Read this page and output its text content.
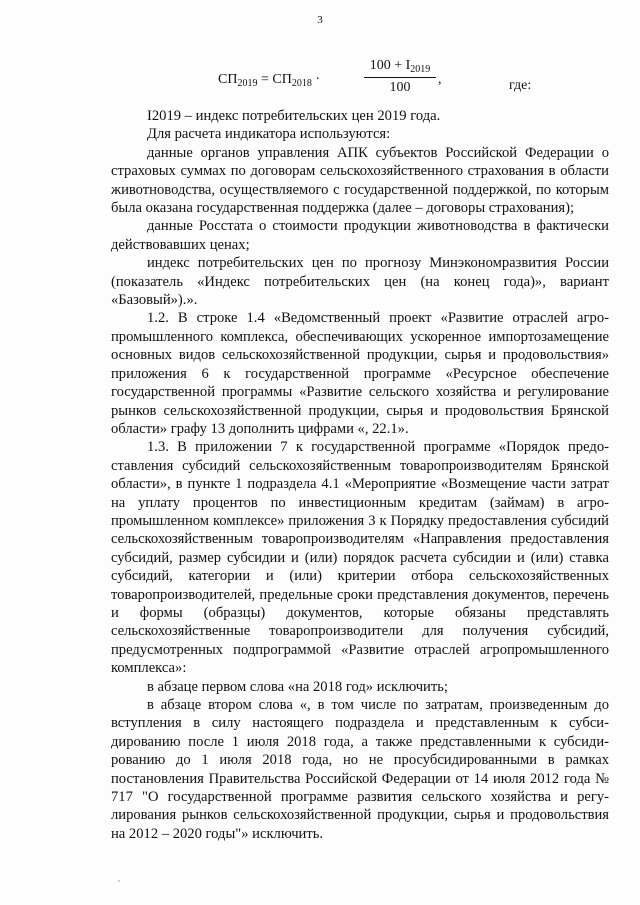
3
$СП_{2019} = СП_{2018}$ ·
$100 + I_{2019}$
100
,	где:

I2019 – индекс потребительских цен 2019 года.

Для расчета индикатора используются:

данные органов управления АПК субъектов Российской Федерации о страховых суммах по договорам сельскохозяйственного страхования в области животноводства, осуществляемого с государственной поддержкой, по которым была оказана государственная поддержка (далее – договоры страхования);

данные Росстата о стоимости продукции животноводства в фактически действовавших ценах;

индекс потребительских цен по прогнозу Минэкономразвития России (показатель «Индекс потребительских цен (на конец года)», вариант «Базовый»).».

1.2. В строке 1.4 «Ведомственный проект «Развитие отраслей агропромышленного комплекса, обеспечивающих ускоренное импортозамещение основных видов сельскохозяйственной продукции, сырья и продовольствия» приложения 6 к государственной программе «Ресурсное обеспечение государственной программы «Развитие сельского хозяйства и регулирование рынков сельскохозяйственной продукции, сырья и продовольствия Брянской области» графу 13 дополнить цифрами «, 22.1».

1.3. В приложении 7 к государственной программе «Порядок предоставления субсидий сельскохозяйственным товаропроизводителям Брянской области», в пункте 1 подраздела 4.1 «Мероприятие «Возмещение части затрат на уплату процентов по инвестиционным кредитам (займам) в агропромышленном комплексе» приложения 3 к Порядку предоставления субсидий сельскохозяйственным товаропроизводителям «Направления предоставления субсидий, размер субсидии и (или) порядок расчета субсидии и (или) ставка субсидий, категории и (или) критерии отбора сельскохозяйственных товаропроизводителей, предельные сроки представления документов, перечень и формы (образцы) документов, которые обязаны представлять сельскохозяйственные товаропроизводители для получения субсидий, предусмотренных подпрограммой «Развитие отраслей агропромышленного комплекса»:

в абзаце первом слова «на 2018 год» исключить;

в абзаце втором слова «, в том числе по затратам, произведенным до вступления в силу настоящего подраздела и представленным к субсидированию после 1 июля 2018 года, а также представленными к субсидированию до 1 июля 2018 года, но не просубсидированными в рамках постановления Правительства Российской Федерации от 14 июля 2012 года № 717 "О государственной программе развития сельского хозяйства и регулирования рынков сельскохозяйственной продукции, сырья и продовольствия на 2012 – 2020 годы"» исключить.
